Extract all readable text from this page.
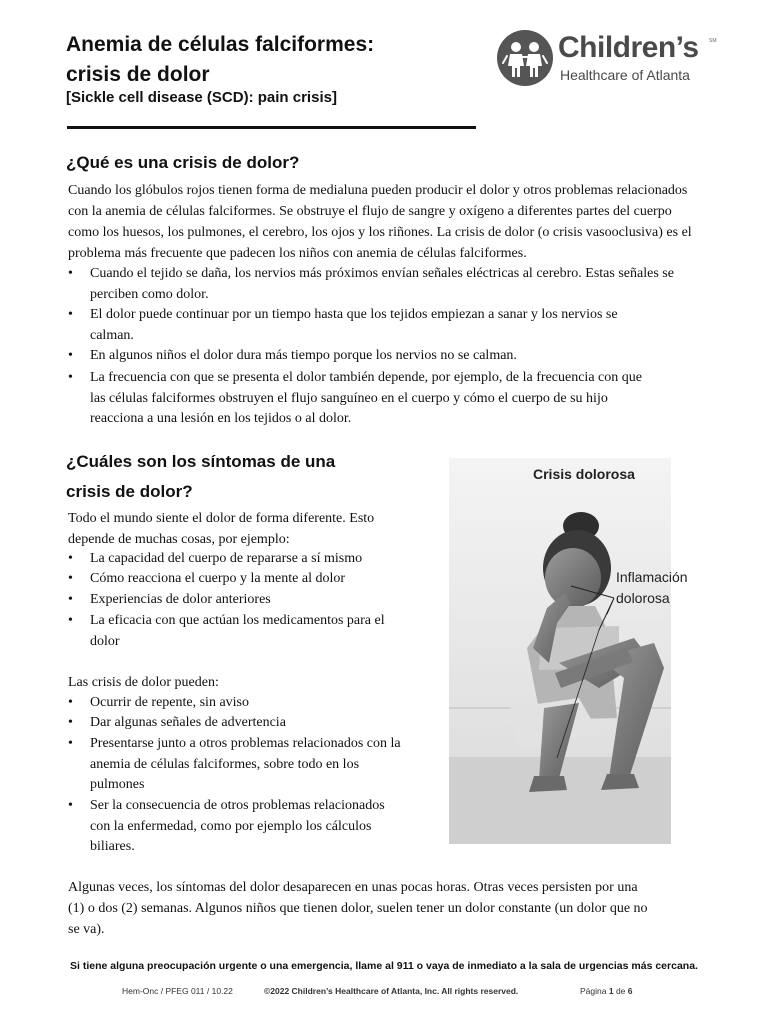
Anemia de células falciformes:
crisis de dolor
[Sickle cell disease (SCD): pain crisis]
Children’s
Healthcare of Atlanta
SM
¿Qué es una crisis de dolor?
Cuando los glóbulos rojos tienen forma de medialuna pueden producir el dolor y otros problemas relacionados
con la anemia de células falciformes. Se obstruye el flujo de sangre y oxígeno a diferentes partes del cuerpo
como los huesos, los pulmones, el cerebro, los ojos y los riñones. La crisis de dolor (o crisis vasooclusiva) es el
problema más frecuente que padecen los niños con anemia de células falciformes.
• Cuando el tejido se daña, los nervios más próximos envían señales eléctricas al cerebro. Estas señales se
perciben como dolor.
• El dolor puede continuar por un tiempo hasta que los tejidos empiezan a sanar y los nervios se
calman.
• En algunos niños el dolor dura más tiempo porque los nervios no se calman.
• La frecuencia con que se presenta el dolor también depende, por ejemplo, de la frecuencia con que
las células falciformes obstruyen el flujo sanguíneo en el cuerpo y cómo el cuerpo de su hijo
reacciona a una lesión en los tejidos o al dolor.
¿Cuáles son los síntomas de una
crisis de dolor?
Todo el mundo siente el dolor de forma diferente. Esto
depende de muchas cosas, por ejemplo:
• La capacidad del cuerpo de repararse a sí mismo
• Cómo reacciona el cuerpo y la mente al dolor
• Experiencias de dolor anteriores
• La eficacia con que actúan los medicamentos para el
dolor
Las crisis de dolor pueden:
• Ocurrir de repente, sin aviso
• Dar algunas señales de advertencia
• Presentarse junto a otros problemas relacionados con la
anemia de células falciformes, sobre todo en los
pulmones
• Ser la consecuencia de otros problemas relacionados
con la enfermedad, como por ejemplo los cálculos
biliares.
Algunas veces, los síntomas del dolor desaparecen en unas pocas horas. Otras veces persisten por una
(1) o dos (2) semanas. Algunos niños que tienen dolor, suelen tener un dolor constante (un dolor que no
se va).
Crisis dolorosa
Inflamación
dolorosa
Si tiene alguna preocupación urgente o una emergencia, llame al 911 o vaya de inmediato a la sala de urgencias más cercana.
Hem-Onc / PFEG 011 / 10.22	©2022 Children’s Healthcare of Atlanta, Inc. All rights reserved.	Página 1 de 6
